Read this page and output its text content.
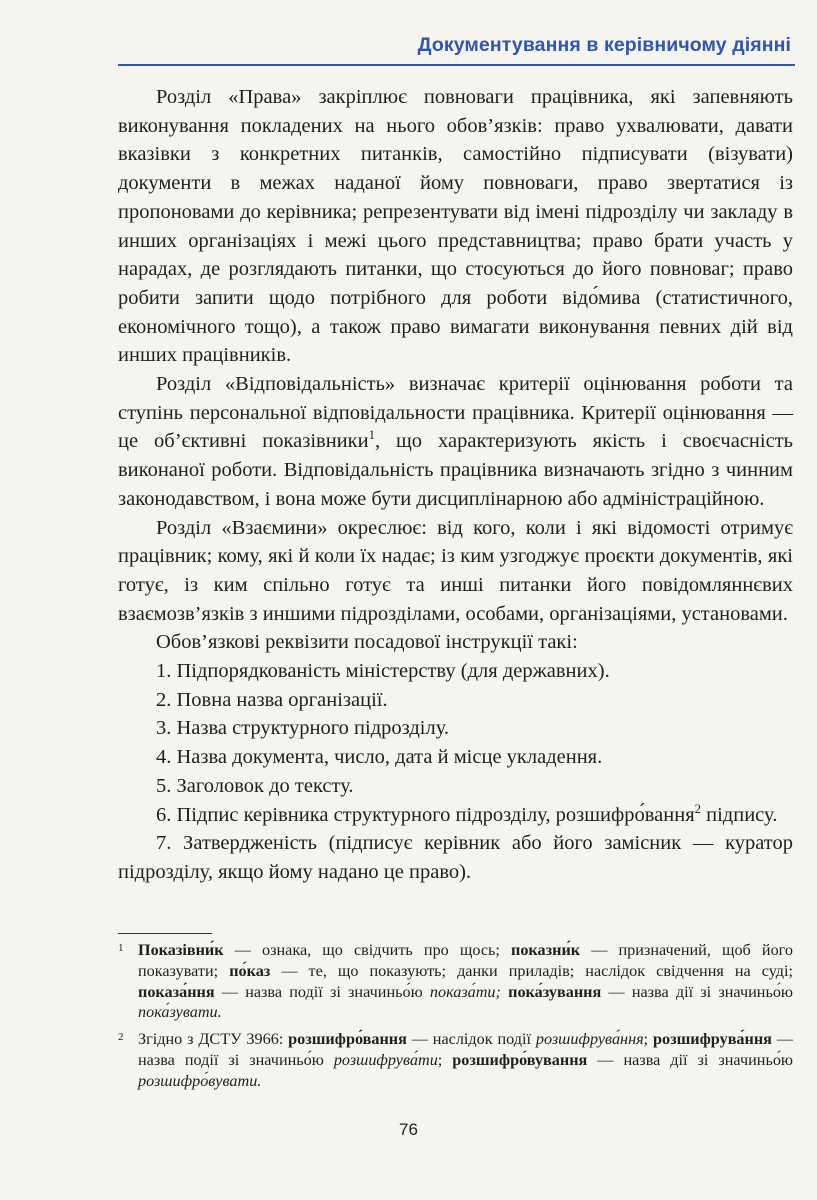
Документування в керівничому діянні

Розділ «Права» закріплює повноваги працівника, які запевняють виконування покладених на нього обов’язків: право ухвалювати, давати вказівки з конкретних питанків, самостійно підписувати (візувати) документи в межах наданої йому повноваги, право звертатися із пропоновами до керівника; репрезентувати від імені підрозділу чи закладу в инших організаціях і межі цього представництва; право брати участь у нарадах, де розглядають питанки, що стосуються до його повноваг; право робити запити щодо потрібного для роботи відо́мива (статистичного, економічного тощо), а також право вимагати виконування певних дій від инших працівників.

Розділ «Відповідальність» визначає критерії оцінювання роботи та ступінь персональної відповідальности працівника. Критерії оцінювання — це об’єктивні показівники$^1$, що характеризують якість і своєчасність виконаної роботи. Відповідальність працівника визначають згідно з чинним законодавством, і вона може бути дисциплінарною або адміністраційною.

Розділ «Взаємини» окреслює: від кого, коли і які відомості отримує працівник; кому, які й коли їх надає; із ким узгоджує проєкти документів, які готує, із ким спільно готує та инші питанки його повідомляннєвих взаємозв’язків з иншими підрозділами, особами, організаціями, установами.

Обов’язкові реквізити посадової інструкції такі:

1. Підпорядкованість міністерству (для державних).
2. Повна назва організації.
3. Назва структурного підрозділу.
4. Назва документа, число, дата й місце укладення.
5. Заголовок до тексту.
6. Підпис керівника структурного підрозділу, розшифро́вання$^2$ підпису.
7. Затвердженість (підписує керівник або його замісник — куратор підрозділу, якщо йому надано це право).
1 Показівни́к — ознака, що свідчить про щось; показни́к — призначений, щоб його показувати; по́каз — те, що показують; данки приладів; наслідок свідчення на суді; показа́ння — назва події зі значиньо́ю показа́ти; пока́зування — назва дії зі значиньо́ю пока́зувати.
2 Згідно з ДСТУ 3966: розшифро́вання — наслідок події розшифрува́ння; розшифрува́ння — назва події зі значиньо́ю розшифрува́ти; розшифро́вування — назва дії зі значиньо́ю розшифро́вувати.
76
